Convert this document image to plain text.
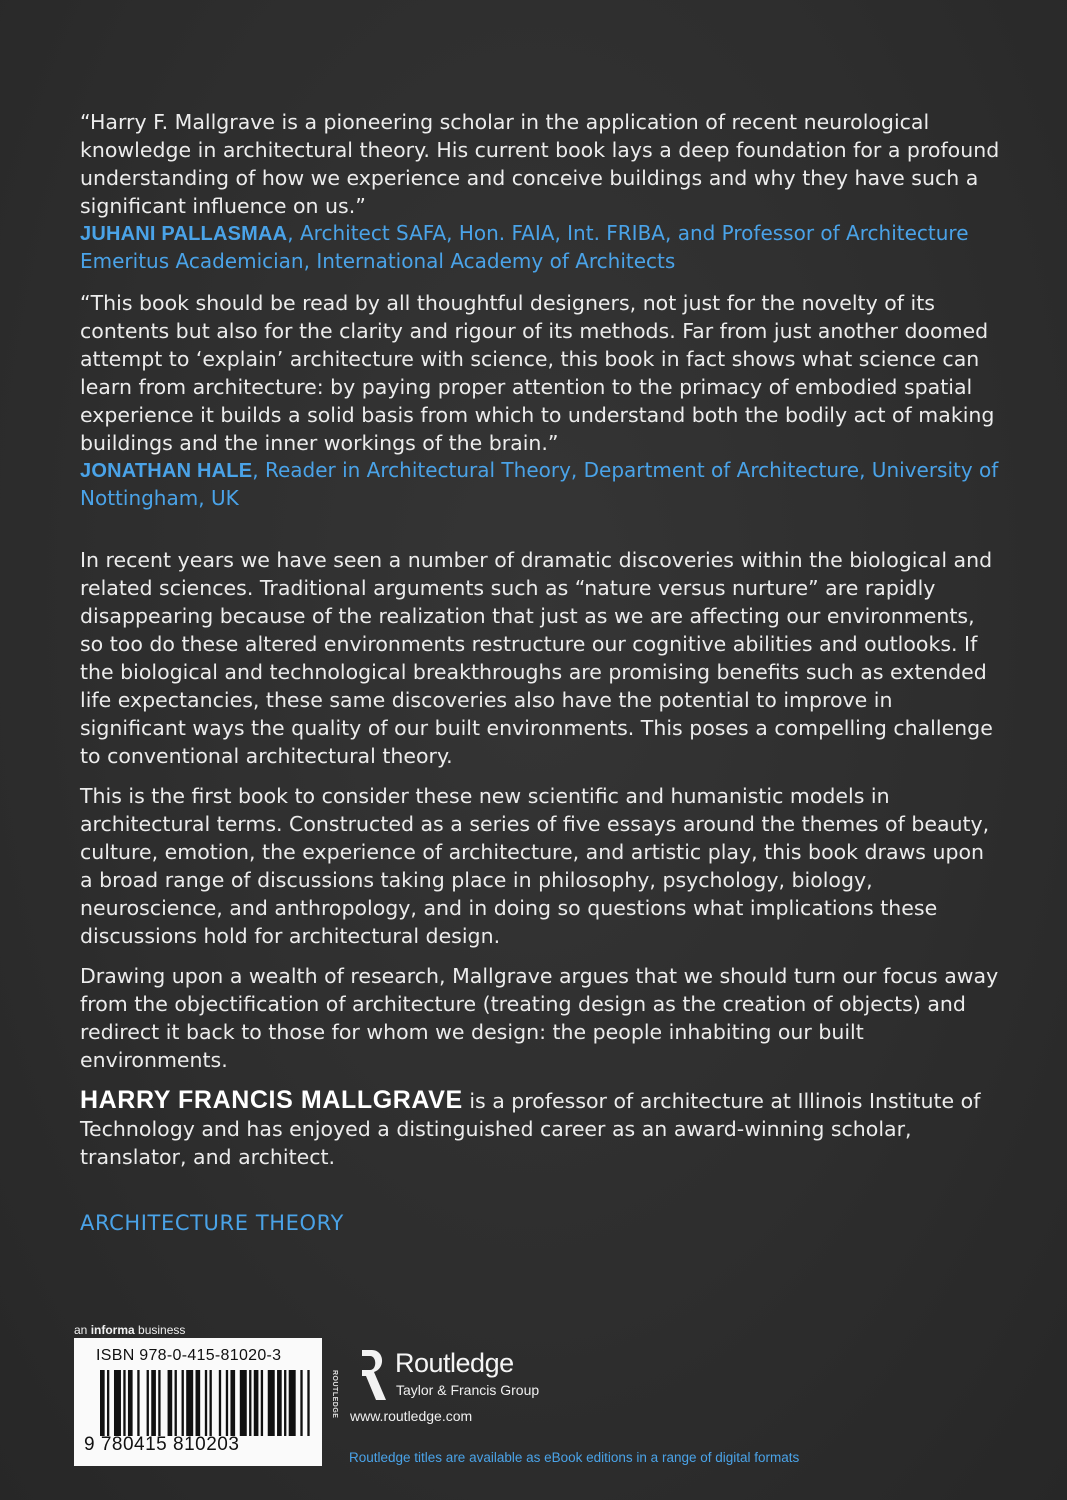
“Harry F. Mallgrave is a pioneering scholar in the application of recent neurological knowledge in architectural theory. His current book lays a deep foundation for a profound understanding of how we experience and conceive buildings and why they have such a significant influence on us.”

JUHANI PALLASMAA, Architect SAFA, Hon. FAIA, Int. FRIBA, and Professor of Architecture Emeritus Academician, International Academy of Architects

“This book should be read by all thoughtful designers, not just for the novelty of its contents but also for the clarity and rigour of its methods. Far from just another doomed attempt to ‘explain’ architecture with science, this book in fact shows what science can learn from architecture: by paying proper attention to the primacy of embodied spatial experience it builds a solid basis from which to understand both the bodily act of making buildings and the inner workings of the brain.”

JONATHAN HALE, Reader in Architectural Theory, Department of Architecture, University of Nottingham, UK

In recent years we have seen a number of dramatic discoveries within the biological and related sciences. Traditional arguments such as “nature versus nurture” are rapidly disappearing because of the realization that just as we are affecting our environments, so too do these altered environments restructure our cognitive abilities and outlooks. If the biological and technological breakthroughs are promising benefits such as extended life expectancies, these same discoveries also have the potential to improve in significant ways the quality of our built environments. This poses a compelling challenge to conventional architectural theory.

This is the first book to consider these new scientific and humanistic models in architectural terms. Constructed as a series of five essays around the themes of beauty, culture, emotion, the experience of architecture, and artistic play, this book draws upon a broad range of discussions taking place in philosophy, psychology, biology, neuroscience, and anthropology, and in doing so questions what implications these discussions hold for architectural design.

Drawing upon a wealth of research, Mallgrave argues that we should turn our focus away from the objectification of architecture (treating design as the creation of objects) and redirect it back to those for whom we design: the people inhabiting our built environments.

HARRY FRANCIS MALLGRAVE is a professor of architecture at Illinois Institute of Technology and has enjoyed a distinguished career as an award-winning scholar, translator, and architect.

ARCHITECTURE THEORY
an informa business
ISBN 978-0-415-81020-3
9 780415 810203
ROUTLEDGE
Routledge
Taylor & Francis Group
www.routledge.com
Routledge titles are available as eBook editions in a range of digital formats
